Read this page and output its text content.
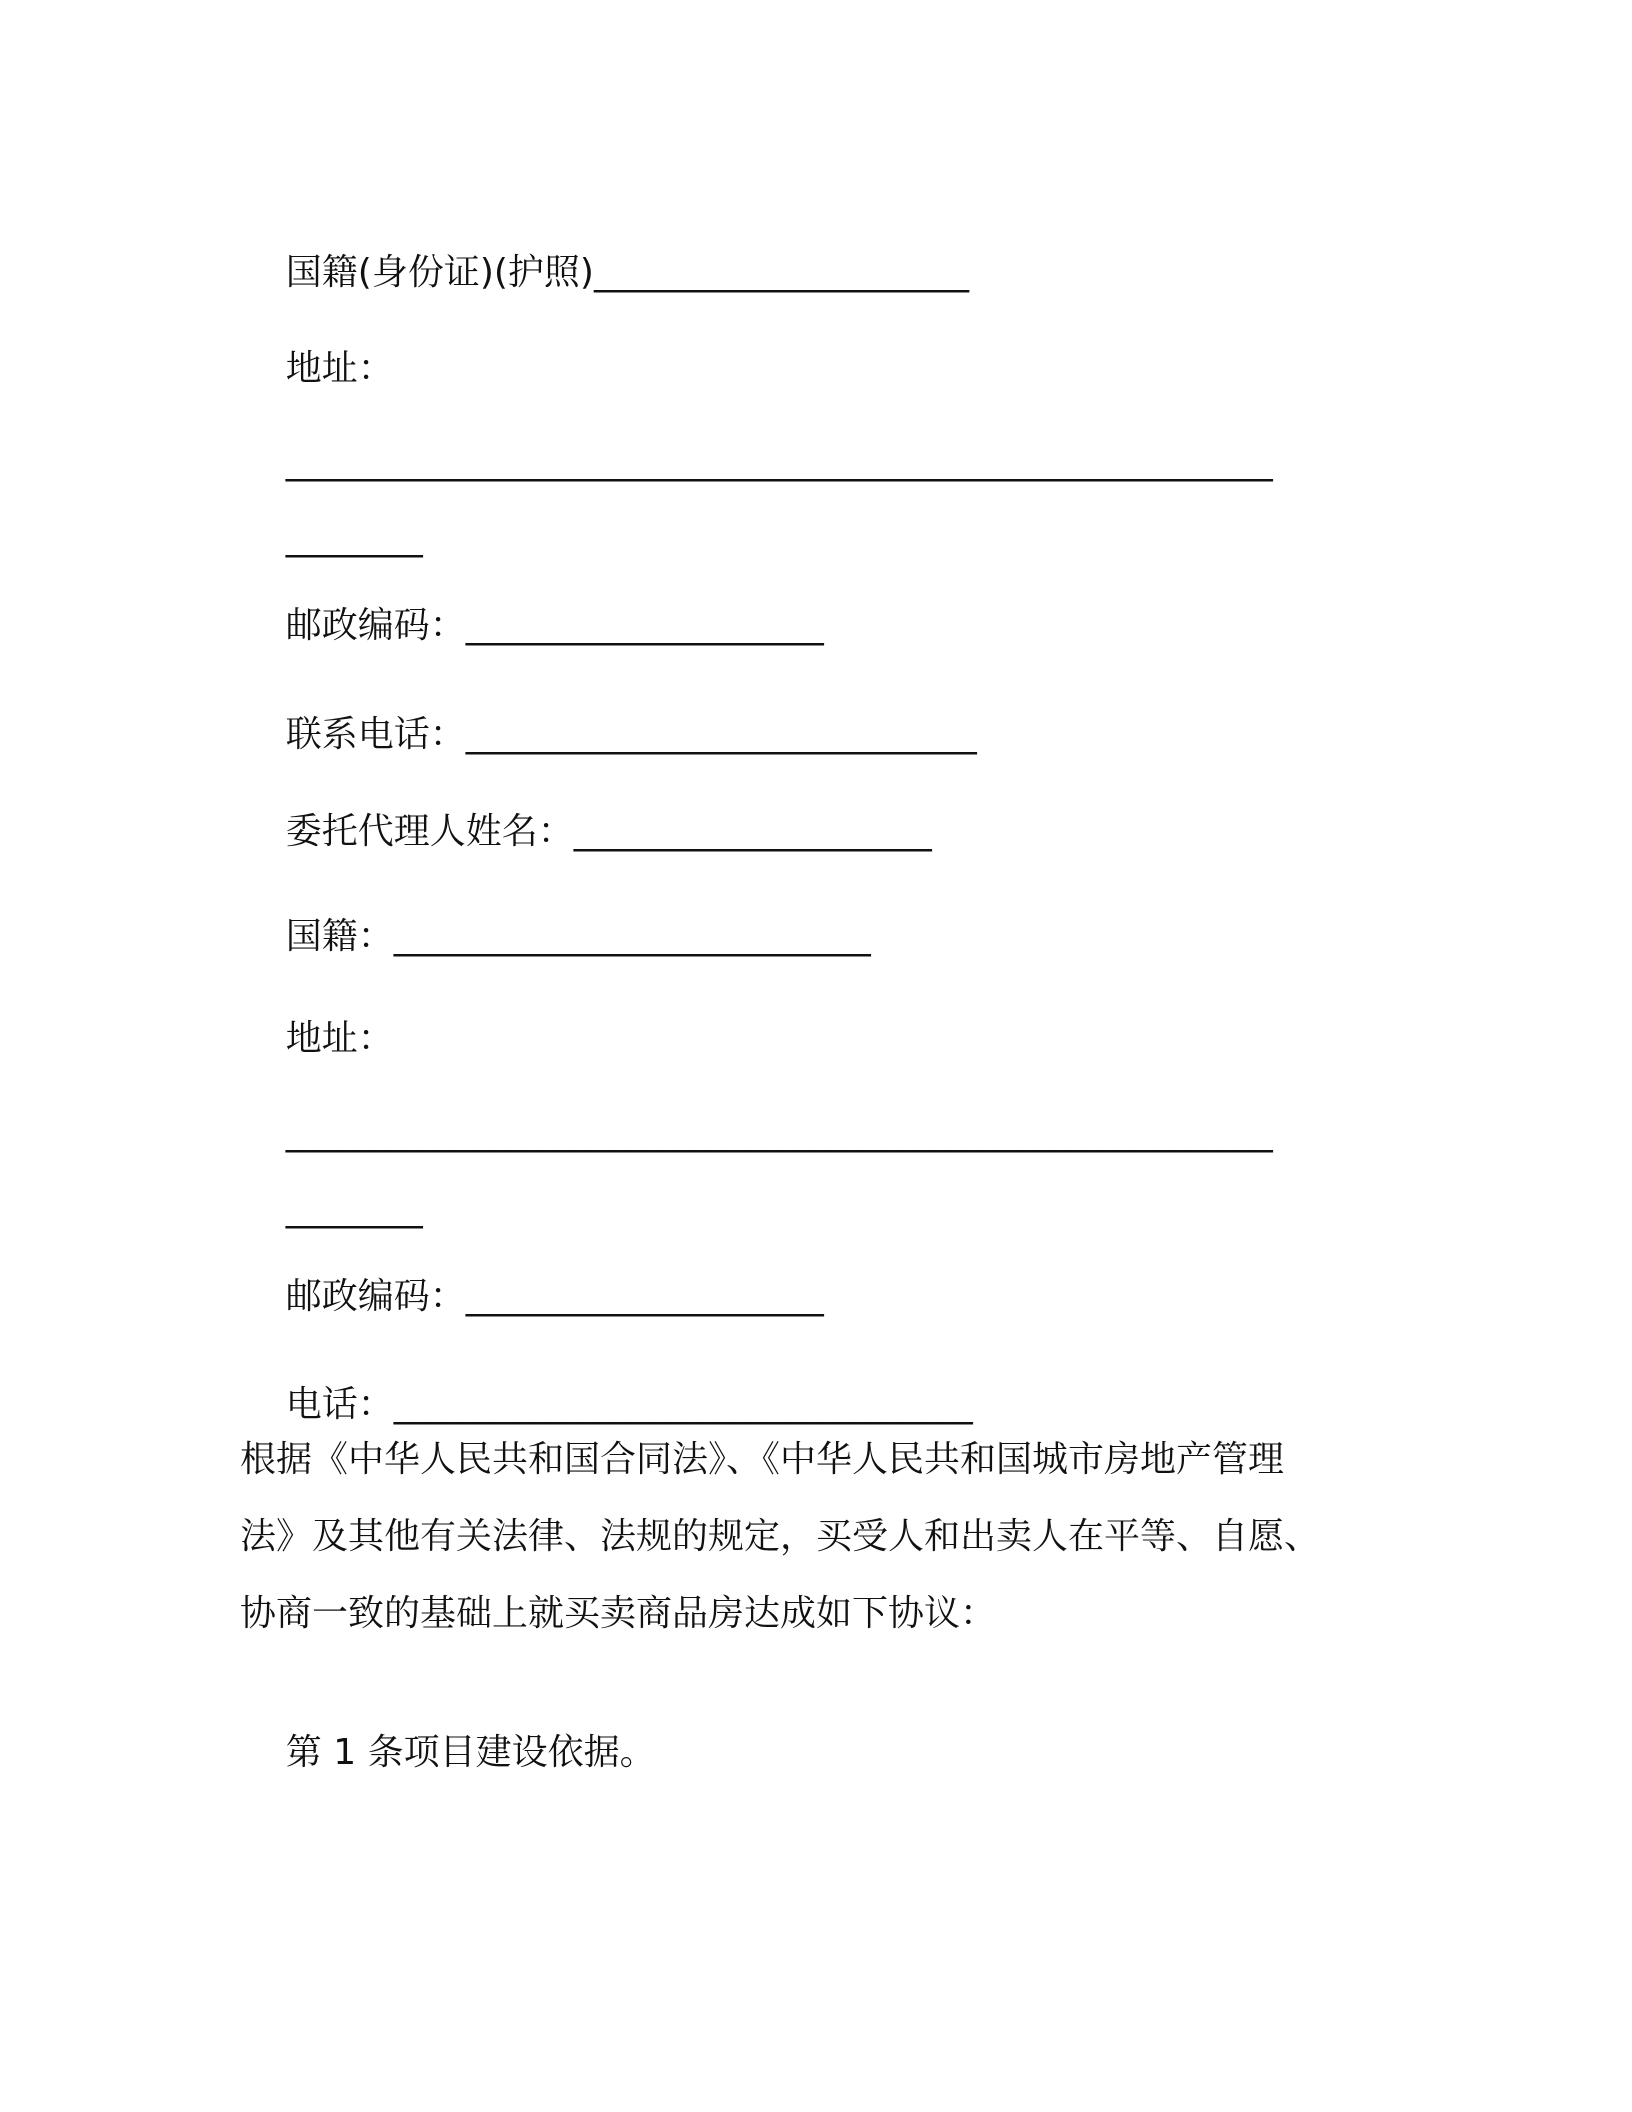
国籍(身份证)(护照)______________________

地址：

__________________________________________________________

________

邮政编码：_____________________

联系电话：______________________________

委托代理人姓名：_____________________

国籍：____________________________

地址：

__________________________________________________________

________

邮政编码：_____________________

电话：__________________________________

根据《中华人民共和国合同法》、《中华人民共和国城市房地产管理

法》及其他有关法律、法规的规定，买受人和出卖人在平等、自愿、

协商一致的基础上就买卖商品房达成如下协议：

第 1 条项目建设依据。
